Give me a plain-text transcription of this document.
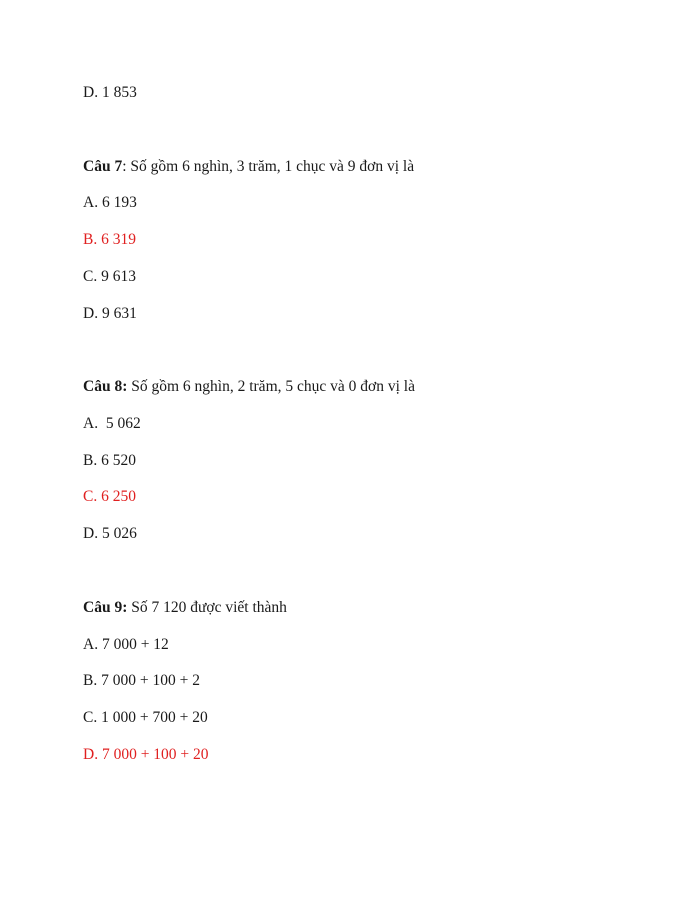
D. 1 853
Câu 7: Số gồm 6 nghìn, 3 trăm, 1 chục và 9 đơn vị là
A. 6 193
B. 6 319
C. 9 613
D. 9 631
Câu 8: Số gồm 6 nghìn, 2 trăm, 5 chục và 0 đơn vị là
A.  5 062
B. 6 520
C. 6 250
D. 5 026
Câu 9: Số 7 120 được viết thành
A. 7 000 + 12
B. 7 000 + 100 + 2
C. 1 000 + 700 + 20
D. 7 000 + 100 + 20
